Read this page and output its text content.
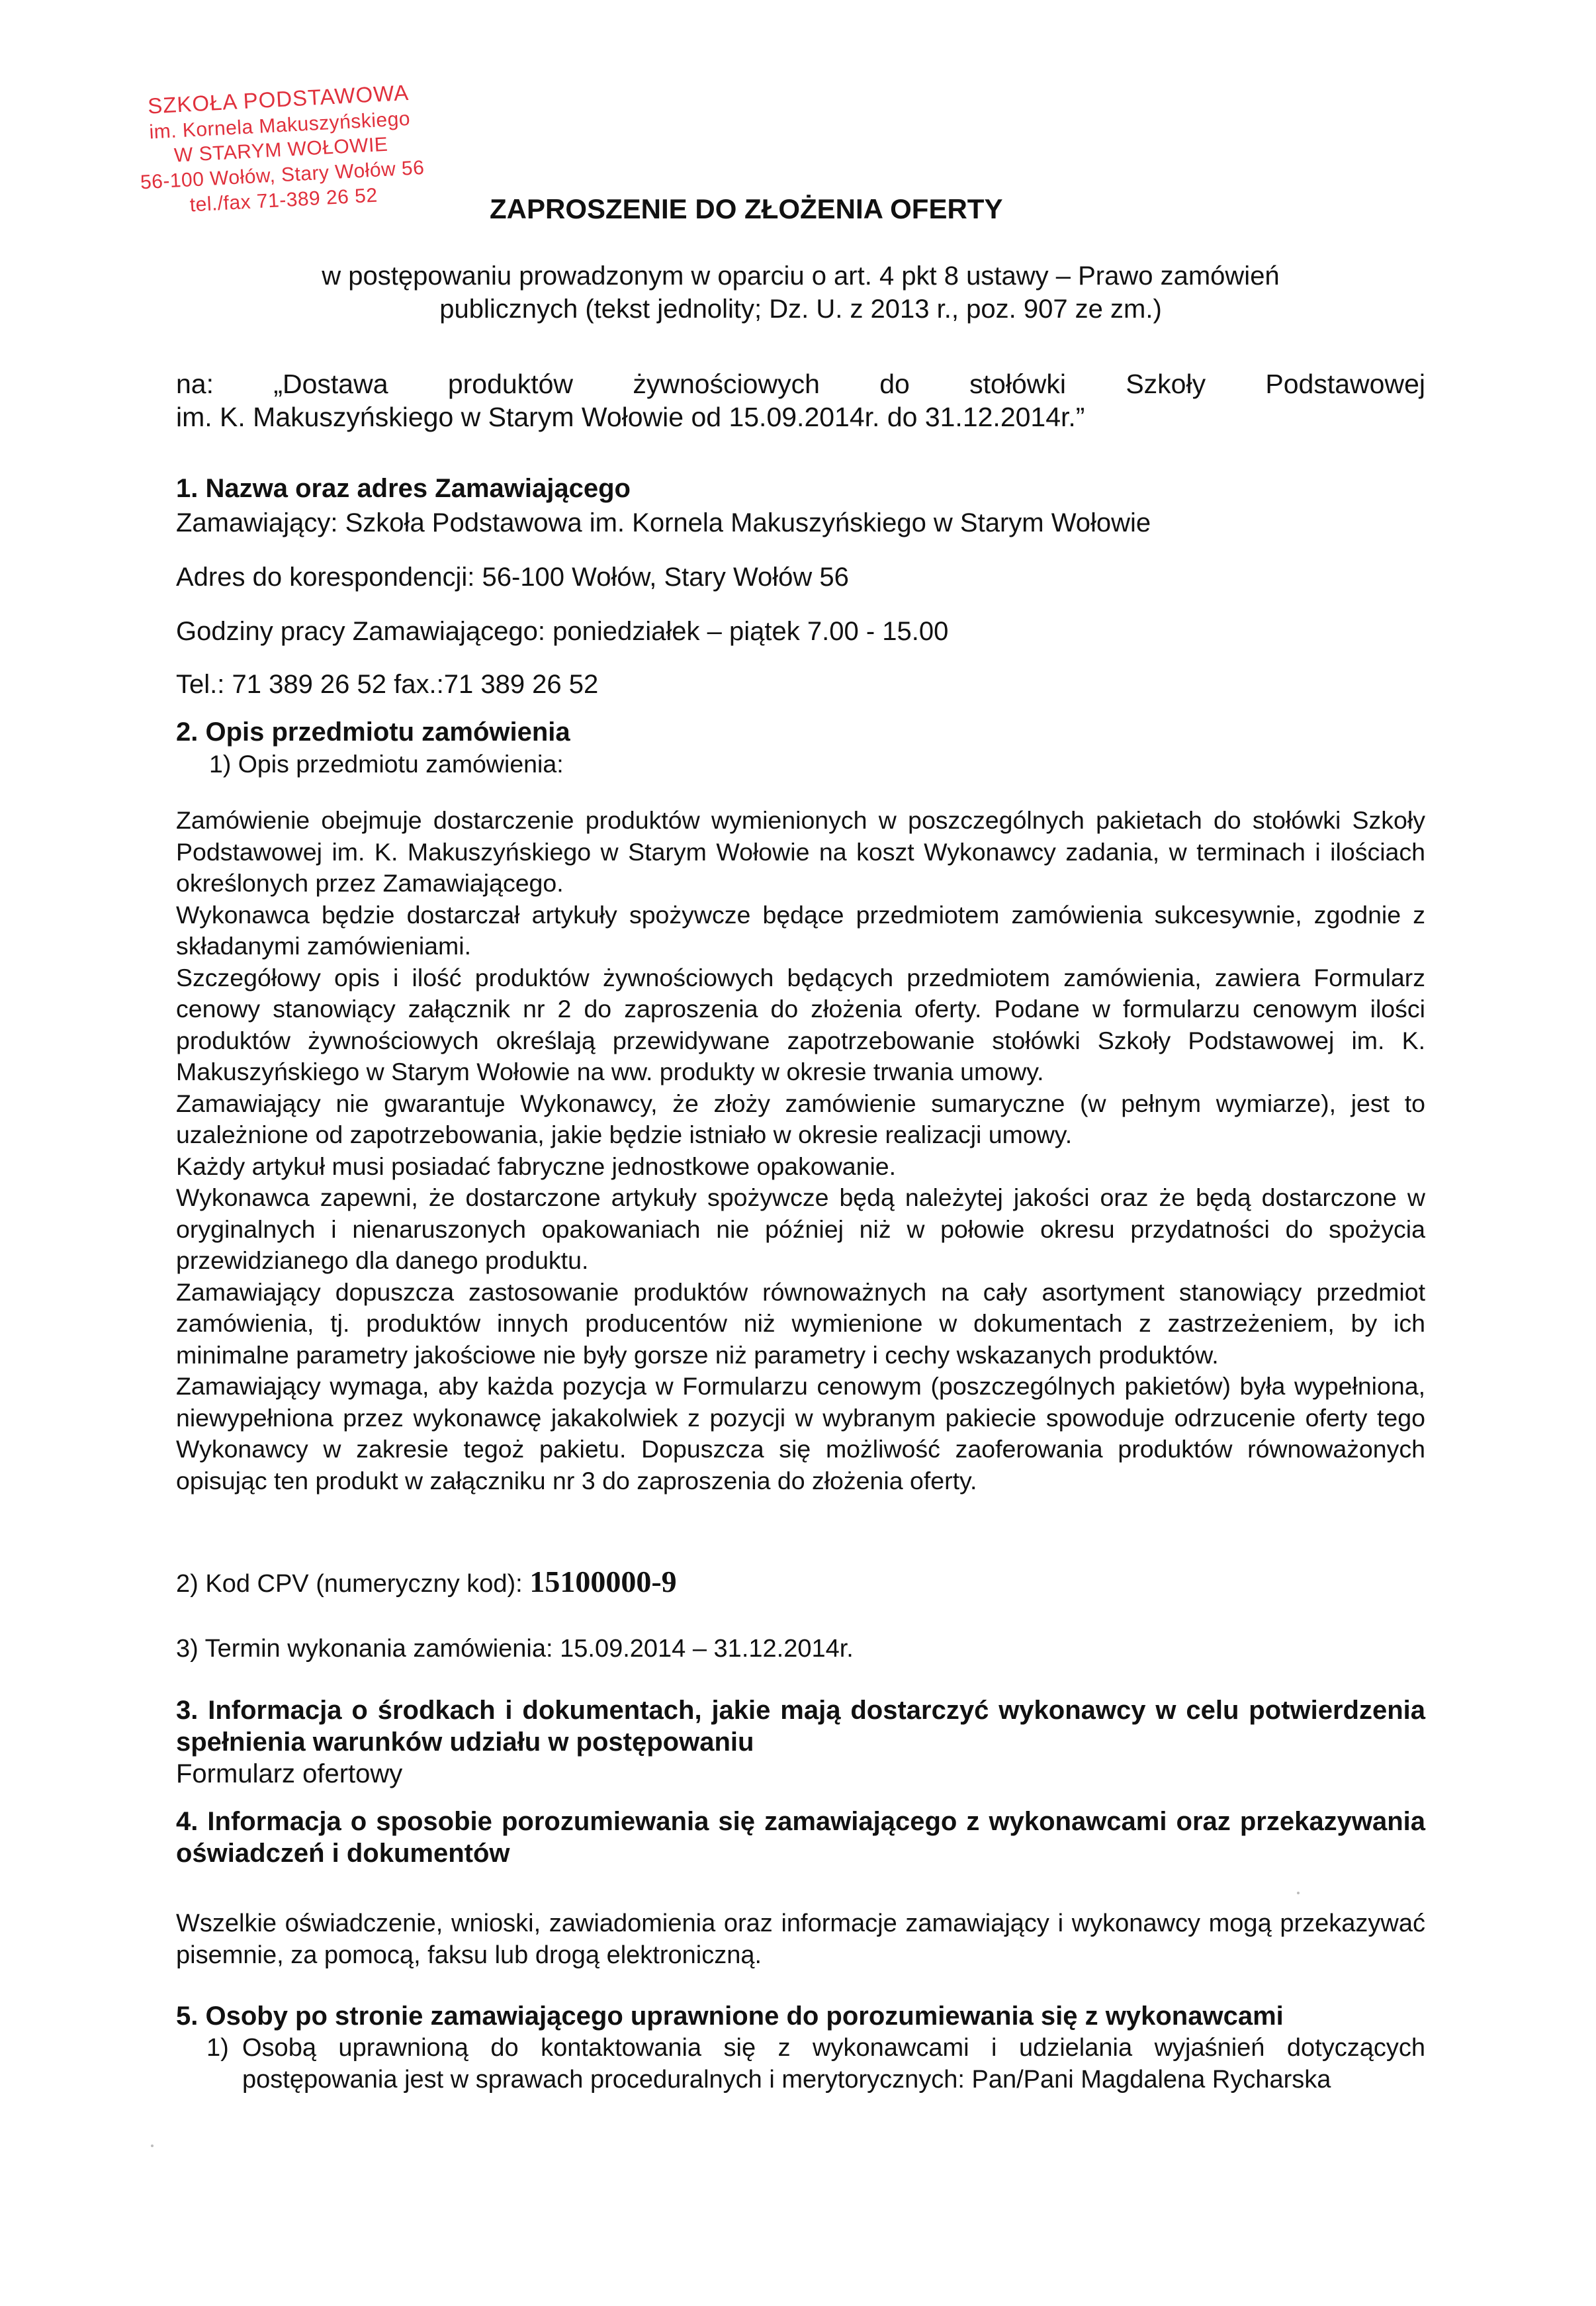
SZKOŁA PODSTAWOWA
im. Kornela Makuszyńskiego
W STARYM WOŁOWIE
56-100 Wołów, Stary Wołów 56
tel./fax 71-389 26 52	ZAPROSZENIE DO ZŁOŻENIA OFERTY
w postępowaniu prowadzonym w oparciu o art. 4 pkt 8 ustawy – Prawo zamówień
publicznych (tekst jednolity; Dz. U. z 2013 r., poz. 907 ze zm.)
na: „Dostawa produktów żywnościowych do stołówki Szkoły Podstawowej
im. K. Makuszyńskiego w Starym Wołowie od 15.09.2014r. do 31.12.2014r.”
1. Nazwa oraz adres Zamawiającego
Zamawiający: Szkoła Podstawowa im. Kornela Makuszyńskiego w Starym Wołowie
Adres do korespondencji: 56-100 Wołów, Stary Wołów 56
Godziny pracy Zamawiającego: poniedziałek – piątek 7.00 - 15.00
Tel.: 71 389 26 52 fax.:71 389 26 52
2. Opis przedmiotu zamówienia
1) Opis przedmiotu zamówienia:

Zamówienie obejmuje dostarczenie produktów wymienionych w poszczególnych pakietach do stołówki Szkoły Podstawowej im. K. Makuszyńskiego w Starym Wołowie na koszt Wykonawcy zadania, w terminach i ilościach określonych przez Zamawiającego.

Wykonawca będzie dostarczał artykuły spożywcze będące przedmiotem zamówienia sukcesywnie, zgodnie z składanymi zamówieniami.

Szczegółowy opis i ilość produktów żywnościowych będących przedmiotem zamówienia, zawiera Formularz cenowy stanowiący załącznik nr 2 do zaproszenia do złożenia oferty. Podane w formularzu cenowym ilości produktów żywnościowych określają przewidywane zapotrzebowanie stołówki Szkoły Podstawowej im. K. Makuszyńskiego w Starym Wołowie na ww. produkty w okresie trwania umowy.

Zamawiający nie gwarantuje Wykonawcy, że złoży zamówienie sumaryczne (w pełnym wymiarze), jest to uzależnione od zapotrzebowania, jakie będzie istniało w okresie realizacji umowy.

Każdy artykuł musi posiadać fabryczne jednostkowe opakowanie.

Wykonawca zapewni, że dostarczone artykuły spożywcze będą należytej jakości oraz że będą dostarczone w oryginalnych i nienaruszonych opakowaniach nie później niż w połowie okresu przydatności do spożycia przewidzianego dla danego produktu.

Zamawiający dopuszcza zastosowanie produktów równoważnych na cały asortyment stanowiący przedmiot zamówienia, tj. produktów innych producentów niż wymienione w dokumentach z zastrzeżeniem, by ich minimalne parametry jakościowe nie były gorsze niż parametry i cechy wskazanych produktów.

Zamawiający wymaga, aby każda pozycja w Formularzu cenowym (poszczególnych pakietów) była wypełniona, niewypełniona przez wykonawcę jakakolwiek z pozycji w wybranym pakiecie spowoduje odrzucenie oferty tego Wykonawcy w zakresie tegoż pakietu. Dopuszcza się możliwość zaoferowania produktów równoważonych opisując ten produkt w załączniku nr 3 do zaproszenia do złożenia oferty.

2) Kod CPV (numeryczny kod): 15100000-9
3) Termin wykonania zamówienia: 15.09.2014 – 31.12.2014r.
3. Informacja o środkach i dokumentach, jakie mają dostarczyć wykonawcy w celu potwierdzenia spełnienia warunków udziału w postępowaniu
Formularz ofertowy
4. Informacja o sposobie porozumiewania się zamawiającego z wykonawcami oraz przekazywania oświadczeń i dokumentów
Wszelkie oświadczenie, wnioski, zawiadomienia oraz informacje zamawiający i wykonawcy mogą przekazywać pisemnie, za pomocą, faksu lub drogą elektroniczną.
5. Osoby po stronie zamawiającego uprawnione do porozumiewania się z wykonawcami
1) Osobą uprawnioną do kontaktowania się z wykonawcami i udzielania wyjaśnień dotyczących postępowania jest w sprawach proceduralnych i merytorycznych: Pan/Pani Magdalena Rycharska
